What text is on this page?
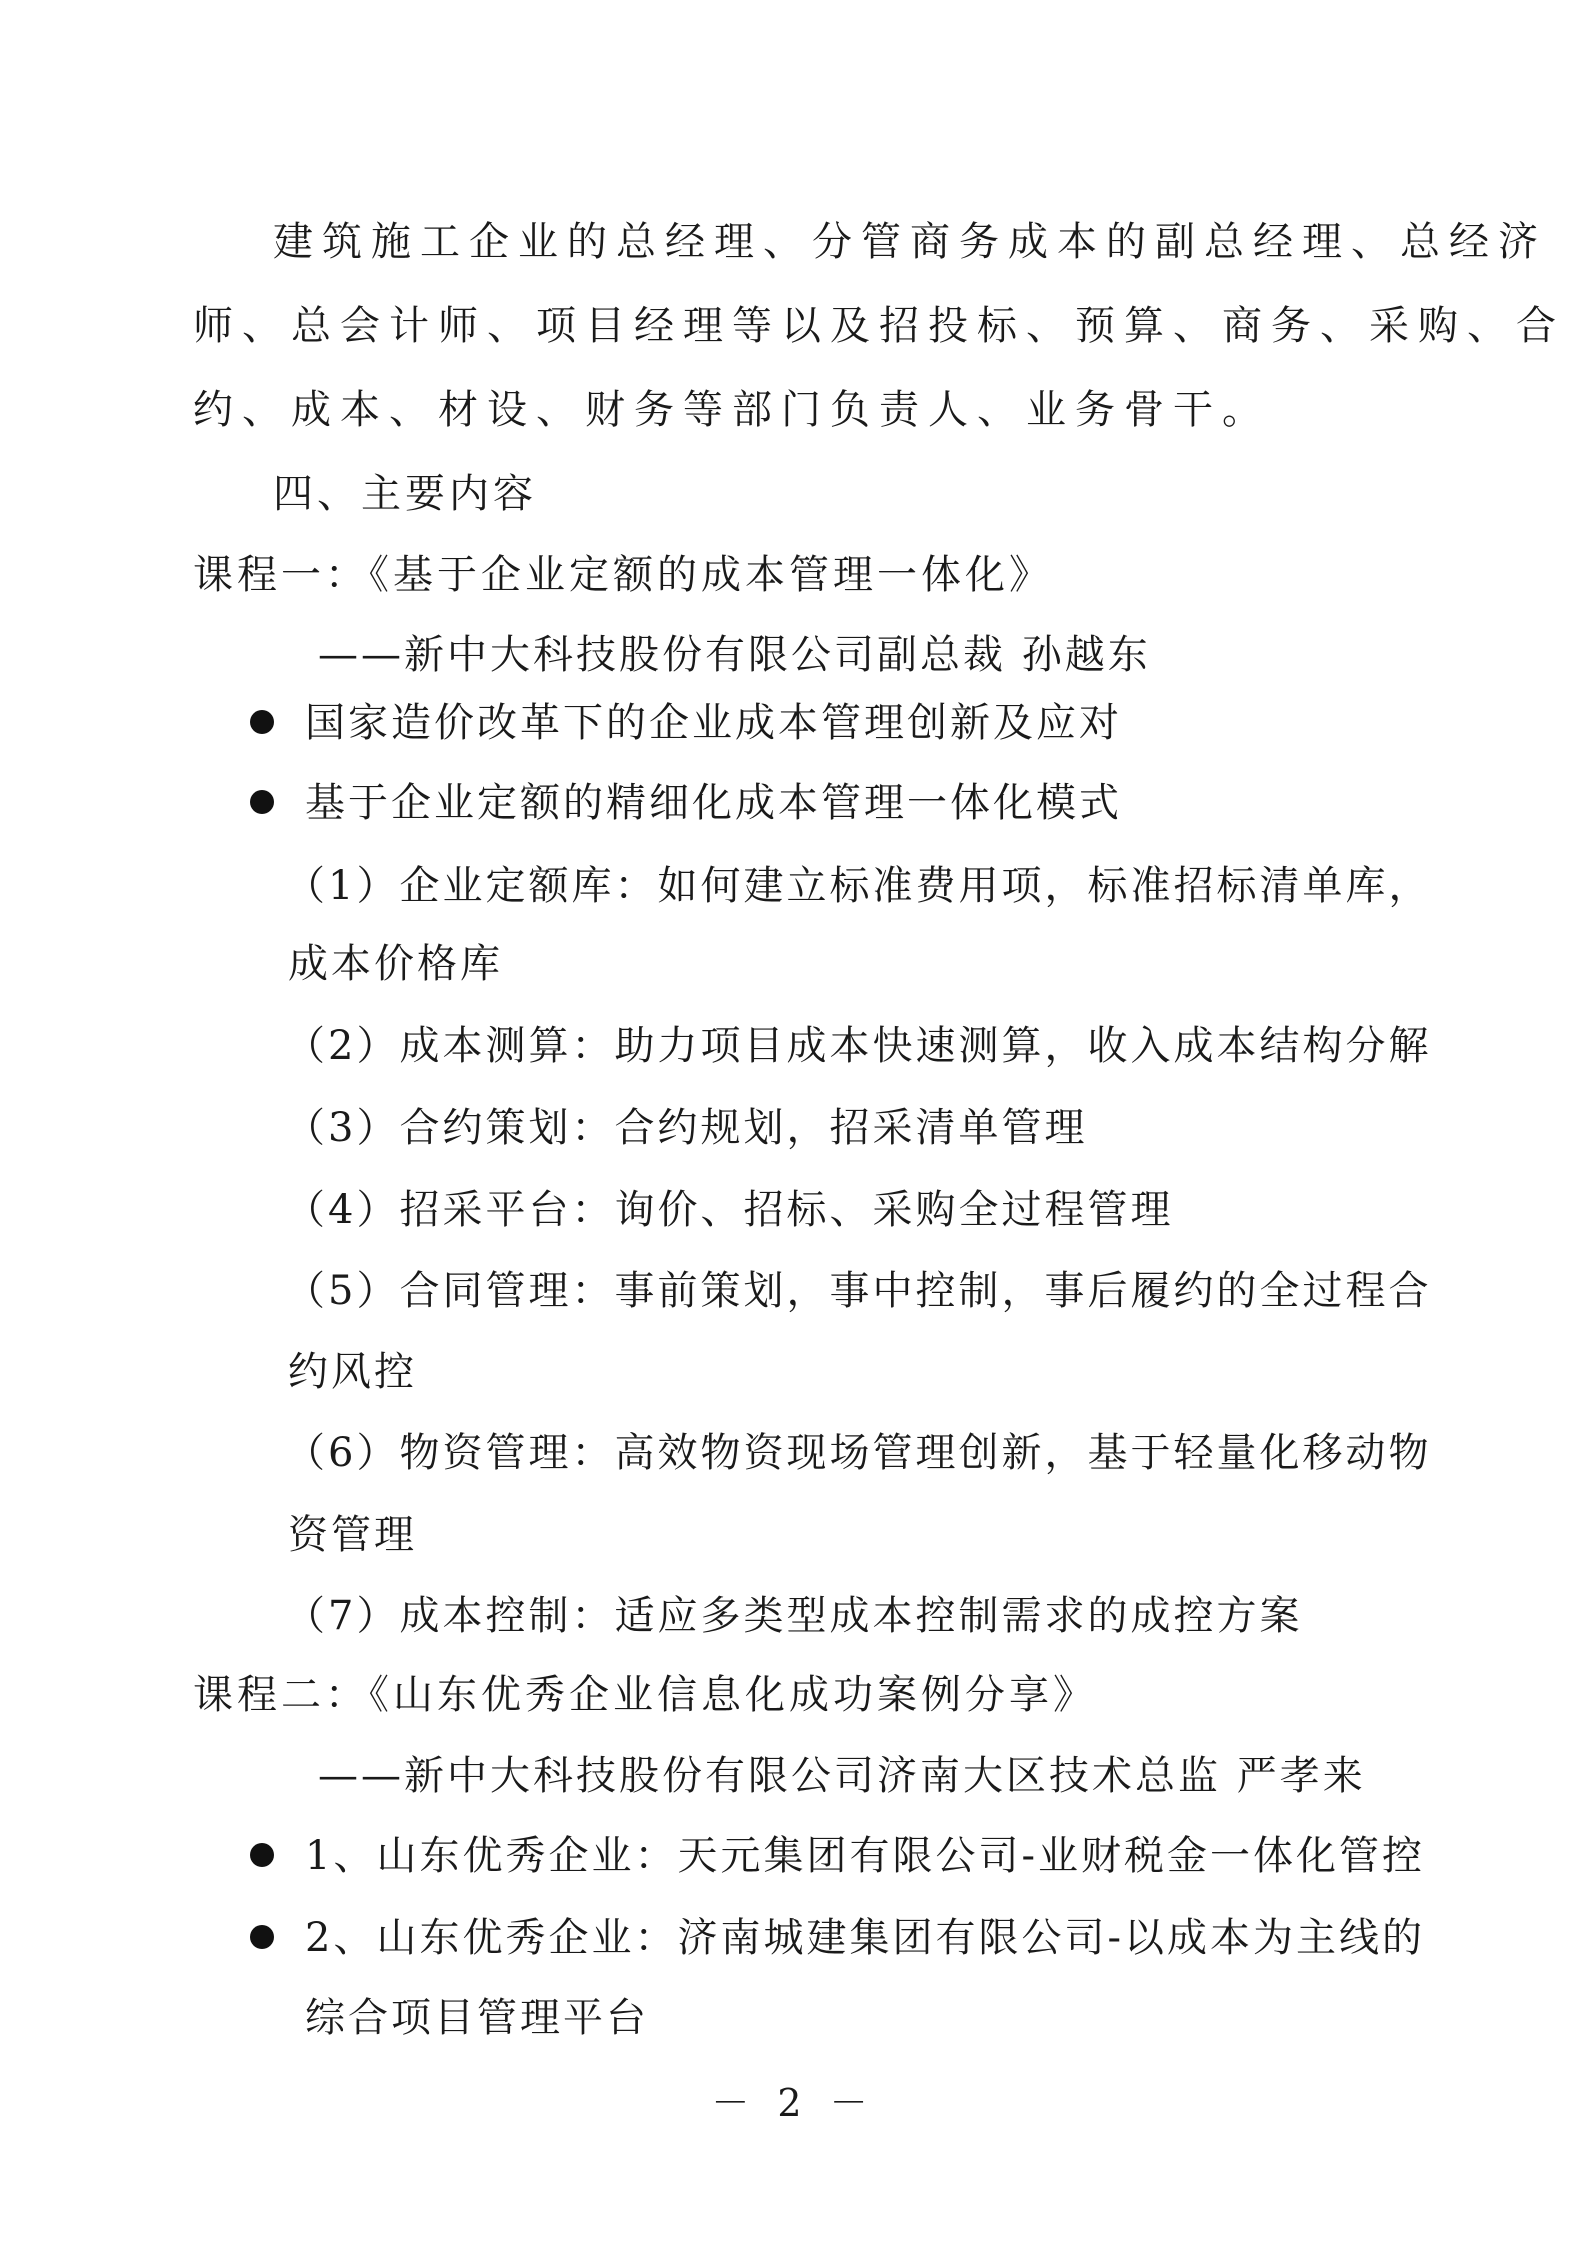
建筑施工企业的总经理、分管商务成本的副总经理、总经济
师、总会计师、项目经理等以及招投标、预算、商务、采购、合
约、成本、材设、财务等部门负责人、业务骨干。
四、主要内容
课程一：《基于企业定额的成本管理一体化》
——新中大科技股份有限公司副总裁 孙越东
国家造价改革下的企业成本管理创新及应对
基于企业定额的精细化成本管理一体化模式
（1）企业定额库：如何建立标准费用项，标准招标清单库，
成本价格库
（2）成本测算：助力项目成本快速测算，收入成本结构分解
（3）合约策划：合约规划，招采清单管理
（4）招采平台：询价、招标、采购全过程管理
（5）合同管理：事前策划，事中控制，事后履约的全过程合
约风控
（6）物资管理：高效物资现场管理创新，基于轻量化移动物
资管理
（7）成本控制：适应多类型成本控制需求的成控方案
课程二：《山东优秀企业信息化成功案例分享》
——新中大科技股份有限公司济南大区技术总监 严孝来
1、山东优秀企业：天元集团有限公司-业财税金一体化管控
2、山东优秀企业：济南城建集团有限公司-以成本为主线的
综合项目管理平台
－ 2 －
